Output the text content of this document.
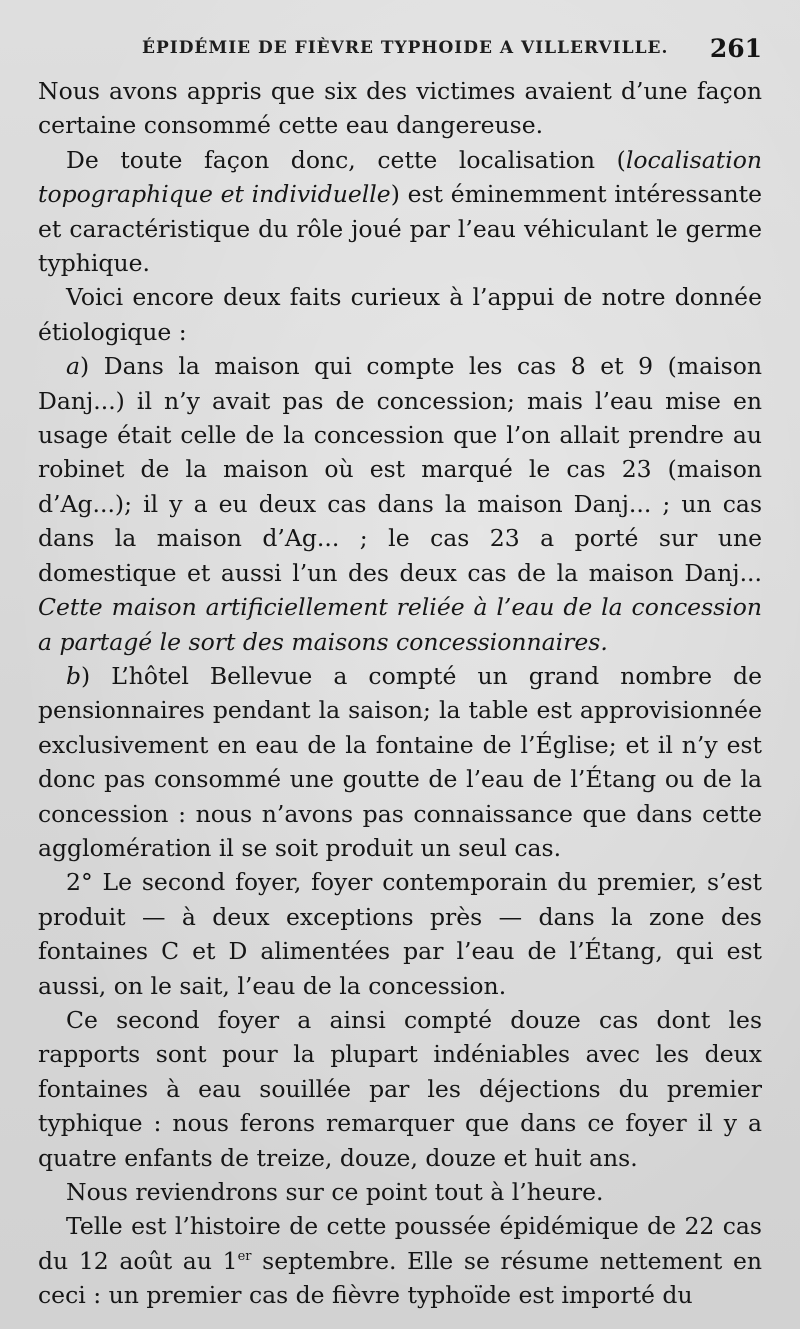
ÉPIDÉMIE DE FIÈVRE TYPHOIDE A VILLERVILLE. 261

Nous avons appris que six des victimes avaient d’une façon certaine consommé cette eau dangereuse.

De toute façon donc, cette localisation (localisation topographique et individuelle) est éminemment intéressante et caractéristique du rôle joué par l’eau véhiculant le germe typhique.

Voici encore deux faits curieux à l’appui de notre donnée étiologique :

a) Dans la maison qui compte les cas 8 et 9 (maison Danj...) il n’y avait pas de concession; mais l’eau mise en usage était celle de la concession que l’on allait prendre au robinet de la maison où est marqué le cas 23 (maison d’Ag...); il y a eu deux cas dans la maison Danj... ; un cas dans la maison d’Ag... ; le cas 23 a porté sur une domestique et aussi l’un des deux cas de la maison Danj... Cette maison artificiellement reliée à l’eau de la concession a partagé le sort des maisons concessionnaires.

b) L’hôtel Bellevue a compté un grand nombre de pensionnaires pendant la saison; la table est approvisionnée exclusivement en eau de la fontaine de l’Église; et il n’y est donc pas consommé une goutte de l’eau de l’Étang ou de la concession : nous n’avons pas connaissance que dans cette agglomération il se soit produit un seul cas.

2° Le second foyer, foyer contemporain du premier, s’est produit — à deux exceptions près — dans la zone des fontaines C et D alimentées par l’eau de l’Étang, qui est aussi, on le sait, l’eau de la concession.

Ce second foyer a ainsi compté douze cas dont les rapports sont pour la plupart indéniables avec les deux fontaines à eau souillée par les déjections du premier typhique : nous ferons remarquer que dans ce foyer il y a quatre enfants de treize, douze, douze et huit ans.

Nous reviendrons sur ce point tout à l’heure.

Telle est l’histoire de cette poussée épidémique de 22 cas du 12 août au 1er septembre. Elle se résume nettement en ceci : un premier cas de fièvre typhoïde est importé du
